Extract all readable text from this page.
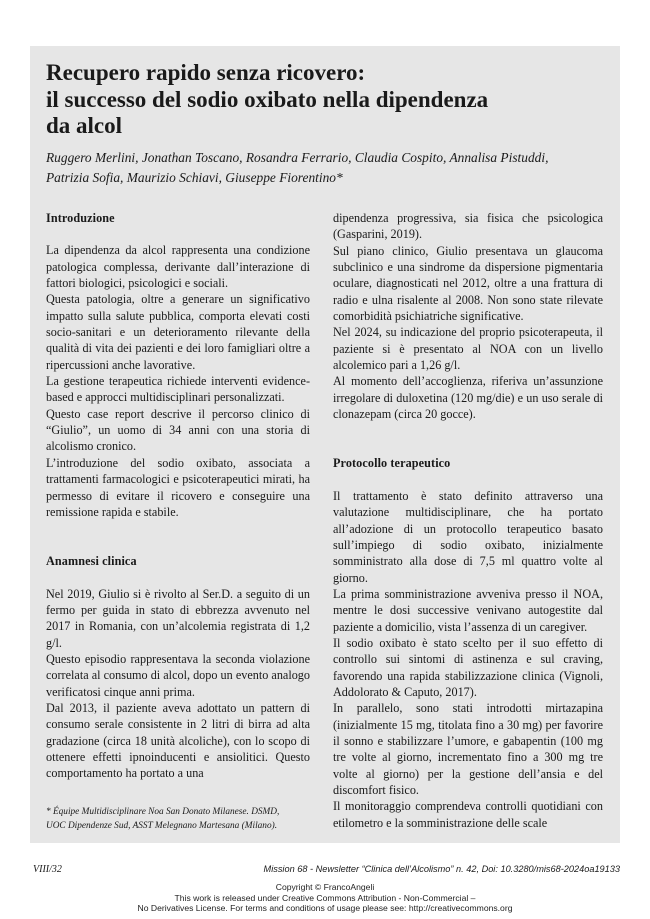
Recupero rapido senza ricovero:
il successo del sodio oxibato nella dipendenza
da alcol
Ruggero Merlini, Jonathan Toscano, Rosandra Ferrario, Claudia Cospito, Annalisa Pistuddi,
Patrizia Sofia, Maurizio Schiavi, Giuseppe Fiorentino*
Introduzione

La dipendenza da alcol rappresenta una condizione patologica complessa, derivante dall’interazione di fattori biologici, psicologici e sociali.

Questa patologia, oltre a generare un significativo impatto sulla salute pubblica, comporta elevati costi socio-sanitari e un deterioramento rilevante della qualità di vita dei pazienti e dei loro famigliari oltre a ripercussioni anche lavorative.

La gestione terapeutica richiede interventi evidence-based e approcci multidisciplinari personalizzati.

Questo case report descrive il percorso clinico di “Giulio”, un uomo di 34 anni con una storia di alcolismo cronico.

L’introduzione del sodio oxibato, associata a trattamenti farmacologici e psicoterapeutici mirati, ha permesso di evitare il ricovero e conseguire una remissione rapida e stabile.

Anamnesi clinica

Nel 2019, Giulio si è rivolto al Ser.D. a seguito di un fermo per guida in stato di ebbrezza avvenuto nel 2017 in Romania, con un’alcolemia registrata di 1,2 g/l.

Questo episodio rappresentava la seconda violazione correlata al consumo di alcol, dopo un evento analogo verificatosi cinque anni prima.

Dal 2013, il paziente aveva adottato un pattern di consumo serale consistente in 2 litri di birra ad alta gradazione (circa 18 unità alcoliche), con lo scopo di ottenere effetti ipnoinducenti e ansiolitici. Questo comportamento ha portato a una

dipendenza progressiva, sia fisica che psicologica (Gasparini, 2019).

Sul piano clinico, Giulio presentava un glaucoma subclinico e una sindrome da dispersione pigmentaria oculare, diagnosticati nel 2012, oltre a una frattura di radio e ulna risalente al 2008. Non sono state rilevate comorbidità psichiatriche significative.

Nel 2024, su indicazione del proprio psicoterapeuta, il paziente si è presentato al NOA con un livello alcolemico pari a 1,26 g/l.

Al momento dell’accoglienza, riferiva un’assunzione irregolare di duloxetina (120 mg/die) e un uso serale di clonazepam (circa 20 gocce).

Protocollo terapeutico

Il trattamento è stato definito attraverso una valutazione multidisciplinare, che ha portato all’adozione di un protocollo terapeutico basato sull’impiego di sodio oxibato, inizialmente somministrato alla dose di 7,5 ml quattro volte al giorno.

La prima somministrazione avveniva presso il NOA, mentre le dosi successive venivano autogestite dal paziente a domicilio, vista l’assenza di un caregiver.

Il sodio oxibato è stato scelto per il suo effetto di controllo sui sintomi di astinenza e sul craving, favorendo una rapida stabilizzazione clinica (Vignoli, Addolorato & Caputo, 2017).

In parallelo, sono stati introdotti mirtazapina (inizialmente 15 mg, titolata fino a 30 mg) per favorire il sonno e stabilizzare l’umore, e gabapentin (100 mg tre volte al giorno, incrementato fino a 300 mg tre volte al giorno) per la gestione dell’ansia e del discomfort fisico.

Il monitoraggio comprendeva controlli quotidiani con etilometro e la somministrazione delle scale

* Équipe Multidisciplinare Noa San Donato Milanese. DSMD,
UOC Dipendenze Sud, ASST Melegnano Martesana (Milano).
VIII/32	Mission 68 - Newsletter “Clinica dell’Alcolismo” n. 42, Doi: 10.3280/mis68-2024oa19133
Copyright © FrancoAngeli
This work is released under Creative Commons Attribution - Non-Commercial –
No Derivatives License. For terms and conditions of usage please see: http://creativecommons.org
